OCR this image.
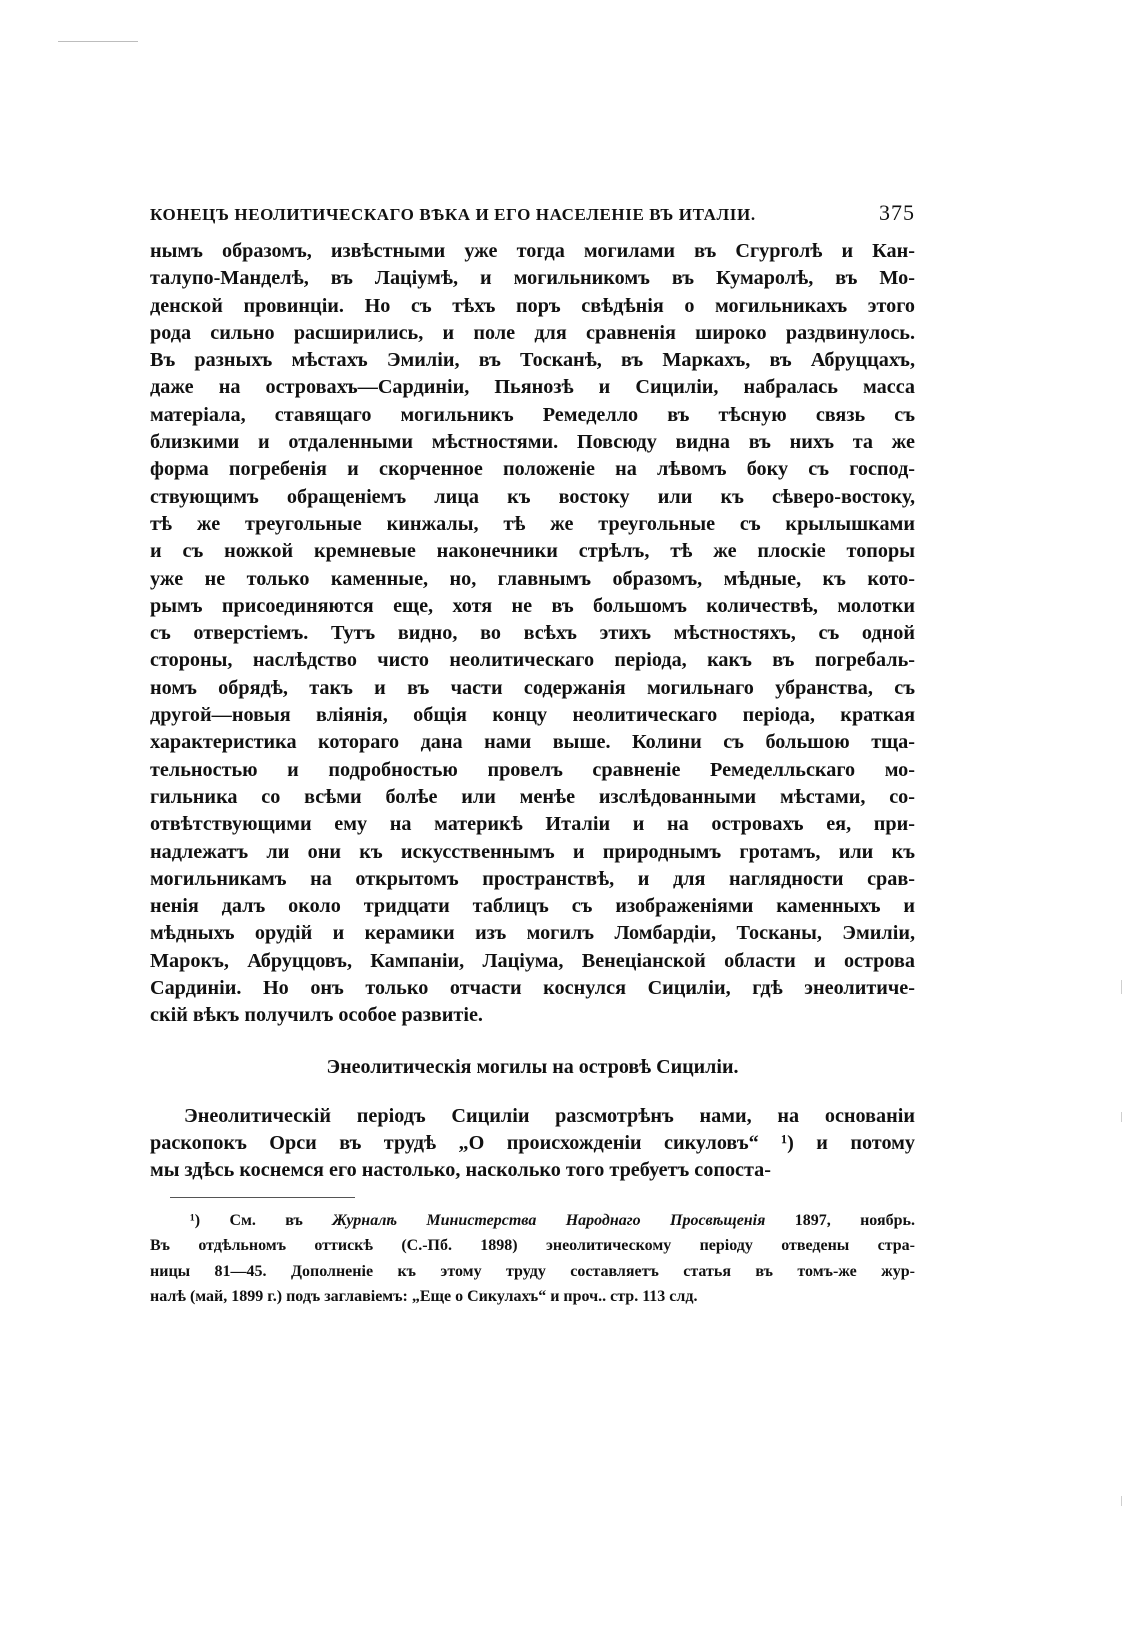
КОНЕЦЪ НЕОЛИТИЧЕСКАГО ВѢКА И ЕГО НАСЕЛЕНІЕ ВЪ ИТАЛІИ.	375
нымъ образомъ, извѣстными уже тогда могилами въ Сгурголѣ и Кан-
талупо-Манделѣ, въ Лаціумѣ, и могильникомъ въ Кумаролѣ, въ Мо-
денской провинціи. Но съ тѣхъ поръ свѣдѣнія о могильникахъ этого
рода сильно расширились, и поле для сравненія широко раздвинулось.
Въ разныхъ мѣстахъ Эмиліи, въ Тосканѣ, въ Маркахъ, въ Абруццахъ,
даже на островахъ—Сардиніи, Пьянозѣ и Сициліи, набралась масса
матеріала, ставящаго могильникъ Ремеделло въ тѣсную связь съ
близкими и отдаленными мѣстностями. Повсюду видна въ нихъ та же
форма погребенія и скорченное положеніе на лѣвомъ боку съ господ-
ствующимъ обращеніемъ лица къ востоку или къ сѣверо-востоку,
тѣ же треугольные кинжалы, тѣ же треугольные съ крылышками
и съ ножкой кремневые наконечники стрѣлъ, тѣ же плоскіе топоры
уже не только каменные, но, главнымъ образомъ, мѣдные, къ кото-
рымъ присоединяются еще, хотя не въ большомъ количествѣ, молотки
съ отверстіемъ. Тутъ видно, во всѣхъ этихъ мѣстностяхъ, съ одной
стороны, наслѣдство чисто неолитическаго періода, какъ въ погребаль-
номъ обрядѣ, такъ и въ части содержанія могильнаго убранства, съ
другой—новыя вліянія, общія концу неолитическаго періода, краткая
характеристика котораго дана нами выше. Колини съ большою тща-
тельностью и подробностью провелъ сравненіе Ремеделльскаго мо-
гильника со всѣми болѣе или менѣе изслѣдованными мѣстами, со-
отвѣтствующими ему на материкѣ Италіи и на островахъ ея, при-
надлежатъ ли они къ искусственнымъ и природнымъ гротамъ, или къ
могильникамъ на открытомъ пространствѣ, и для наглядности срав-
ненія далъ около тридцати таблицъ съ изображеніями каменныхъ и
мѣдныхъ орудій и керамики изъ могилъ Ломбардіи, Тосканы, Эмиліи,
Марокъ, Абруццовъ, Кампаніи, Лаціума, Венеціанской области и острова
Сардиніи. Но онъ только отчасти коснулся Сициліи, гдѣ энеолитиче-
скій вѣкъ получилъ особое развитіе.
Энеолитическія могилы на островѣ Сициліи.
Энеолитическій періодъ Сициліи разсмотрѣнъ нами, на основаніи
раскопокъ Орси въ трудѣ „О происхожденіи сикуловъ“ ¹) и потому
мы здѣсь коснемся его настолько, насколько того требуетъ сопоста-
¹) См. въ Журналѣ Министерства Народнаго Просвѣщенія 1897, ноябрь.
Въ отдѣльномъ оттискѣ (С.-Пб. 1898) энеолитическому періоду отведены стра-
ницы 81—45. Дополненіе къ этому труду составляетъ статья въ томъ-же жур-
налѣ (май, 1899 г.) подъ заглавіемъ: „Еще о Сикулахъ“ и проч.. стр. 113 слд.
